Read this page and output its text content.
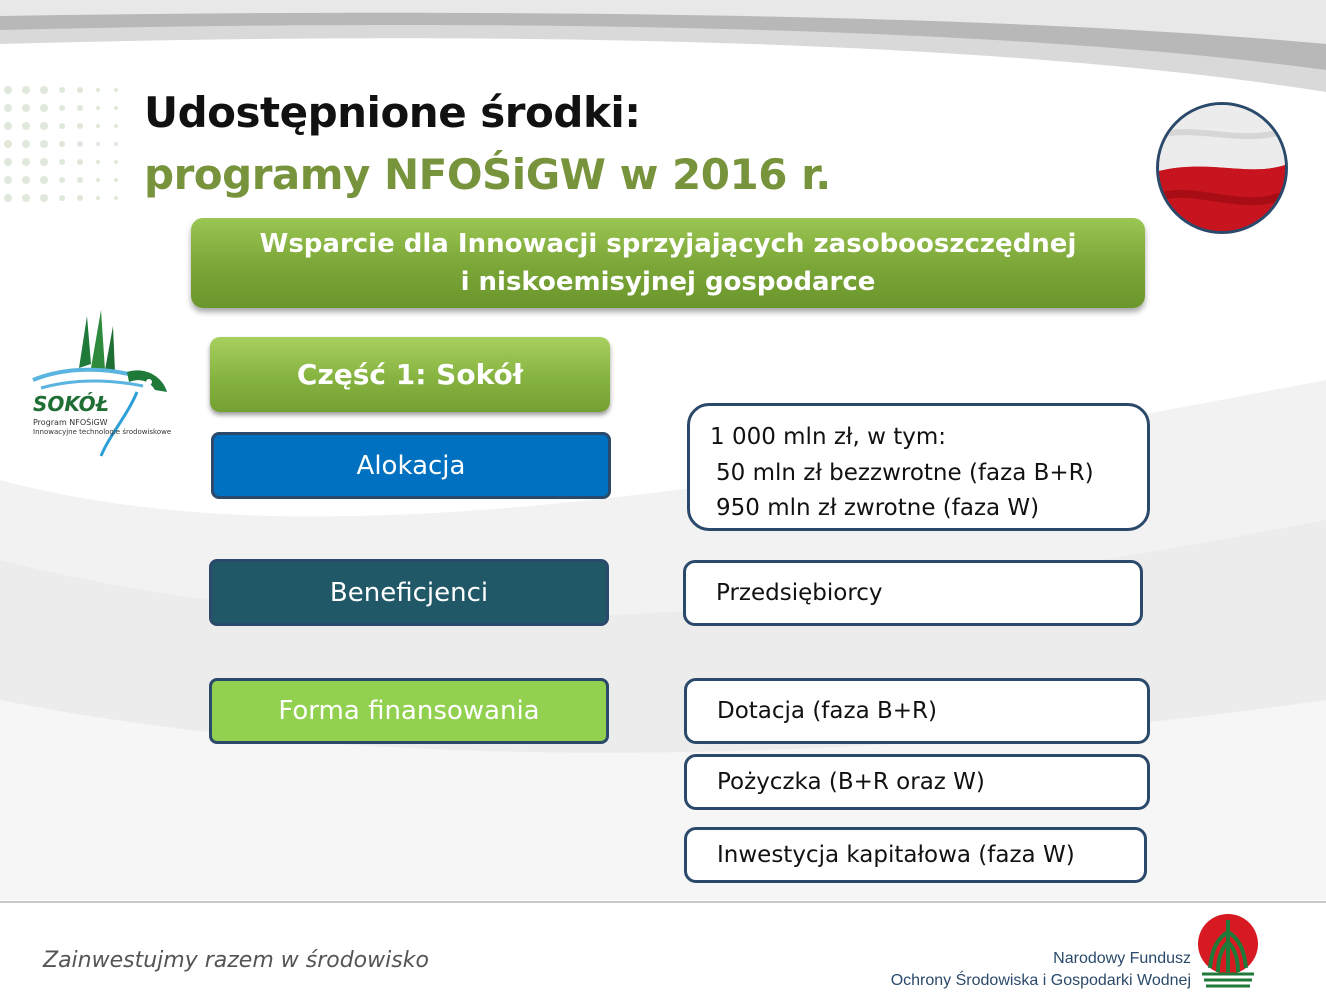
Udostępnione środki:
programy NFOŚiGW w 2016 r.
SOKÓŁ
Program NFOŚiGW
Innowacyjne technologie środowiskowe
Wsparcie dla Innowacji sprzyjających zasobooszczędnej
i niskoemisyjnej gospodarce
Część 1: Sokół
Alokacja
1 000 mln zł, w tym:
50 mln zł bezzwrotne (faza B+R)
950 mln zł zwrotne (faza W)
Beneficjenci	Przedsiębiorcy
Forma finansowania	Dotacja (faza B+R)
Pożyczka (B+R oraz W)
Inwestycja kapitałowa (faza W)
Zainwestujmy razem w środowisko	Narodowy Fundusz
Ochrony Środowiska i Gospodarki Wodnej
